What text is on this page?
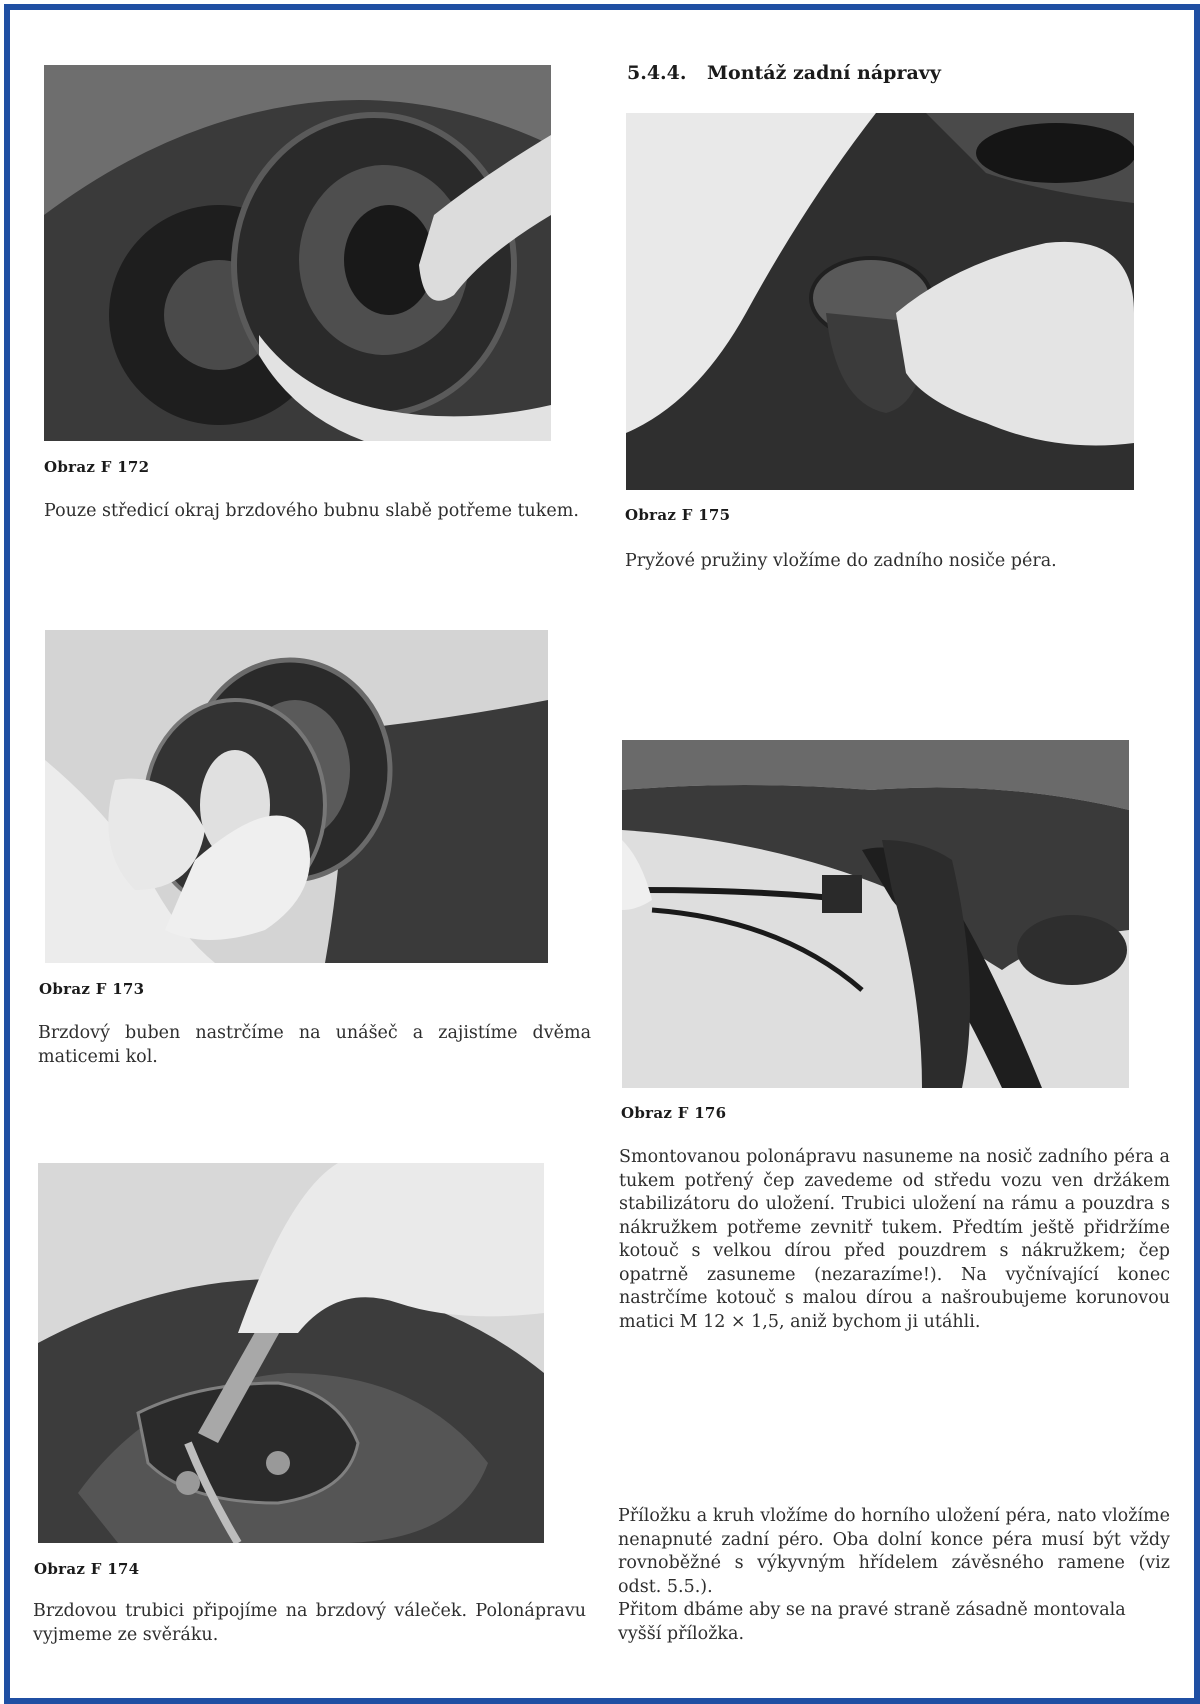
5.4.4. Montáž zadní nápravy
Obraz F 172
Pouze středicí okraj brzdového bubnu slabě potřeme tukem.	Obraz F 175
Pryžové pružiny vložíme do zadního nosiče péra.
Obraz F 173
Brzdový buben nastrčíme na unášeč a zajistíme dvěma maticemi kol.
Obraz F 176
Smontovanou polonápravu nasuneme na nosič zadního péra a tukem potřený čep zavedeme od středu vozu ven držákem stabilizátoru do uložení. Trubici uložení na rámu a pouzdra s nákružkem potřeme zevnitř tukem. Předtím ještě přidržíme kotouč s velkou dírou před pouzdrem s nákružkem; čep opatrně zasuneme (nezarazíme!). Na vyčnívající konec nastrčíme kotouč s malou dírou a našroubujeme korunovou matici M 12 × 1,5, aniž bychom ji utáhli.
Obraz F 174
Brzdovou trubici připojíme na brzdový váleček. Polonápravu vyjmeme ze svěráku.
Příložku a kruh vložíme do horního uložení péra, nato vložíme nenapnuté zadní péro. Oba dolní konce péra musí být vždy rovnoběžné s výkyvným hřídelem závěsného ramene (viz odst. 5.5.).
Přitom dbáme aby se na pravé straně zásadně montovala vyšší příložka.
